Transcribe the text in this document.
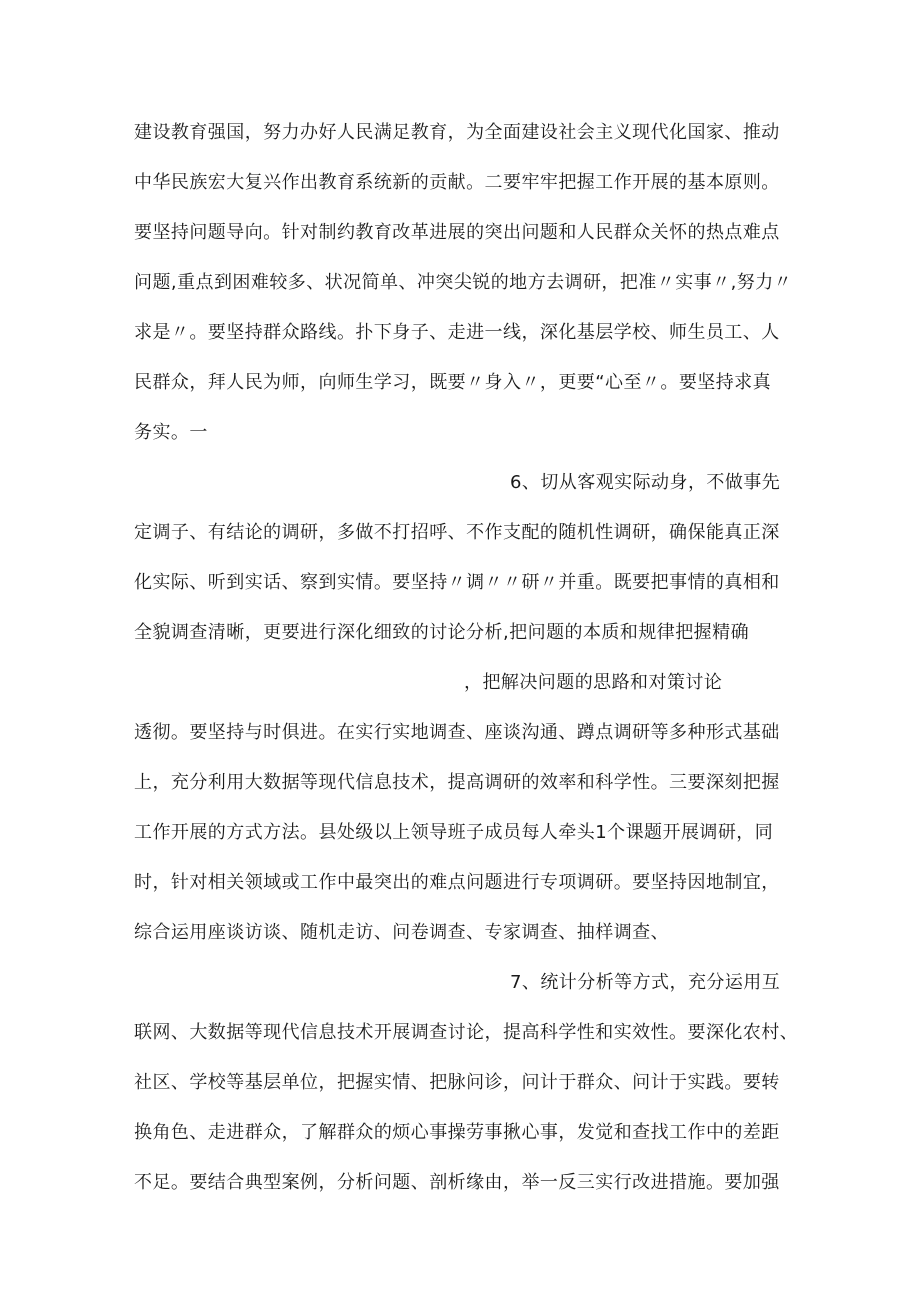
建设教育强国，努力办好人民满足教育，为全面建设社会主义现代化国家、推动
中华民族宏大复兴作出教育系统新的贡献。二要牢牢把握工作开展的基本原则。
要坚持问题导向。针对制约教育改革进展的突出问题和人民群众关怀的热点难点
问题,重点到困难较多、状况简单、冲突尖锐的地方去调研，把准〃实事〃,努力〃
求是〃。要坚持群众路线。扑下身子、走进一线，深化基层学校、师生员工、人
民群众，拜人民为师，向师生学习，既要〃身入〃，更要“心至〃。要坚持求真
务实。一
6、切从客观实际动身，不做事先
定调子、有结论的调研，多做不打招呼、不作支配的随机性调研，确保能真正深
化实际、听到实话、察到实情。要坚持〃调〃〃研〃并重。既要把事情的真相和
全貌调查清晰，更要进行深化细致的讨论分析,把问题的本质和规律把握精确
，把解决问题的思路和对策讨论
透彻。要坚持与时俱进。在实行实地调查、座谈沟通、蹲点调研等多种形式基础
上，充分利用大数据等现代信息技术，提高调研的效率和科学性。三要深刻把握
工作开展的方式方法。县处级以上领导班子成员每人牵头1个课题开展调研，同
时，针对相关领域或工作中最突出的难点问题进行专项调研。要坚持因地制宜，
综合运用座谈访谈、随机走访、问卷调查、专家调查、抽样调查、
7、统计分析等方式，充分运用互
联网、大数据等现代信息技术开展调查讨论，提高科学性和实效性。要深化农村、
社区、学校等基层单位，把握实情、把脉问诊，问计于群众、问计于实践。要转
换角色、走进群众，了解群众的烦心事操劳事揪心事，发觉和查找工作中的差距
不足。要结合典型案例，分析问题、剖析缘由，举一反三实行改进措施。要加强
